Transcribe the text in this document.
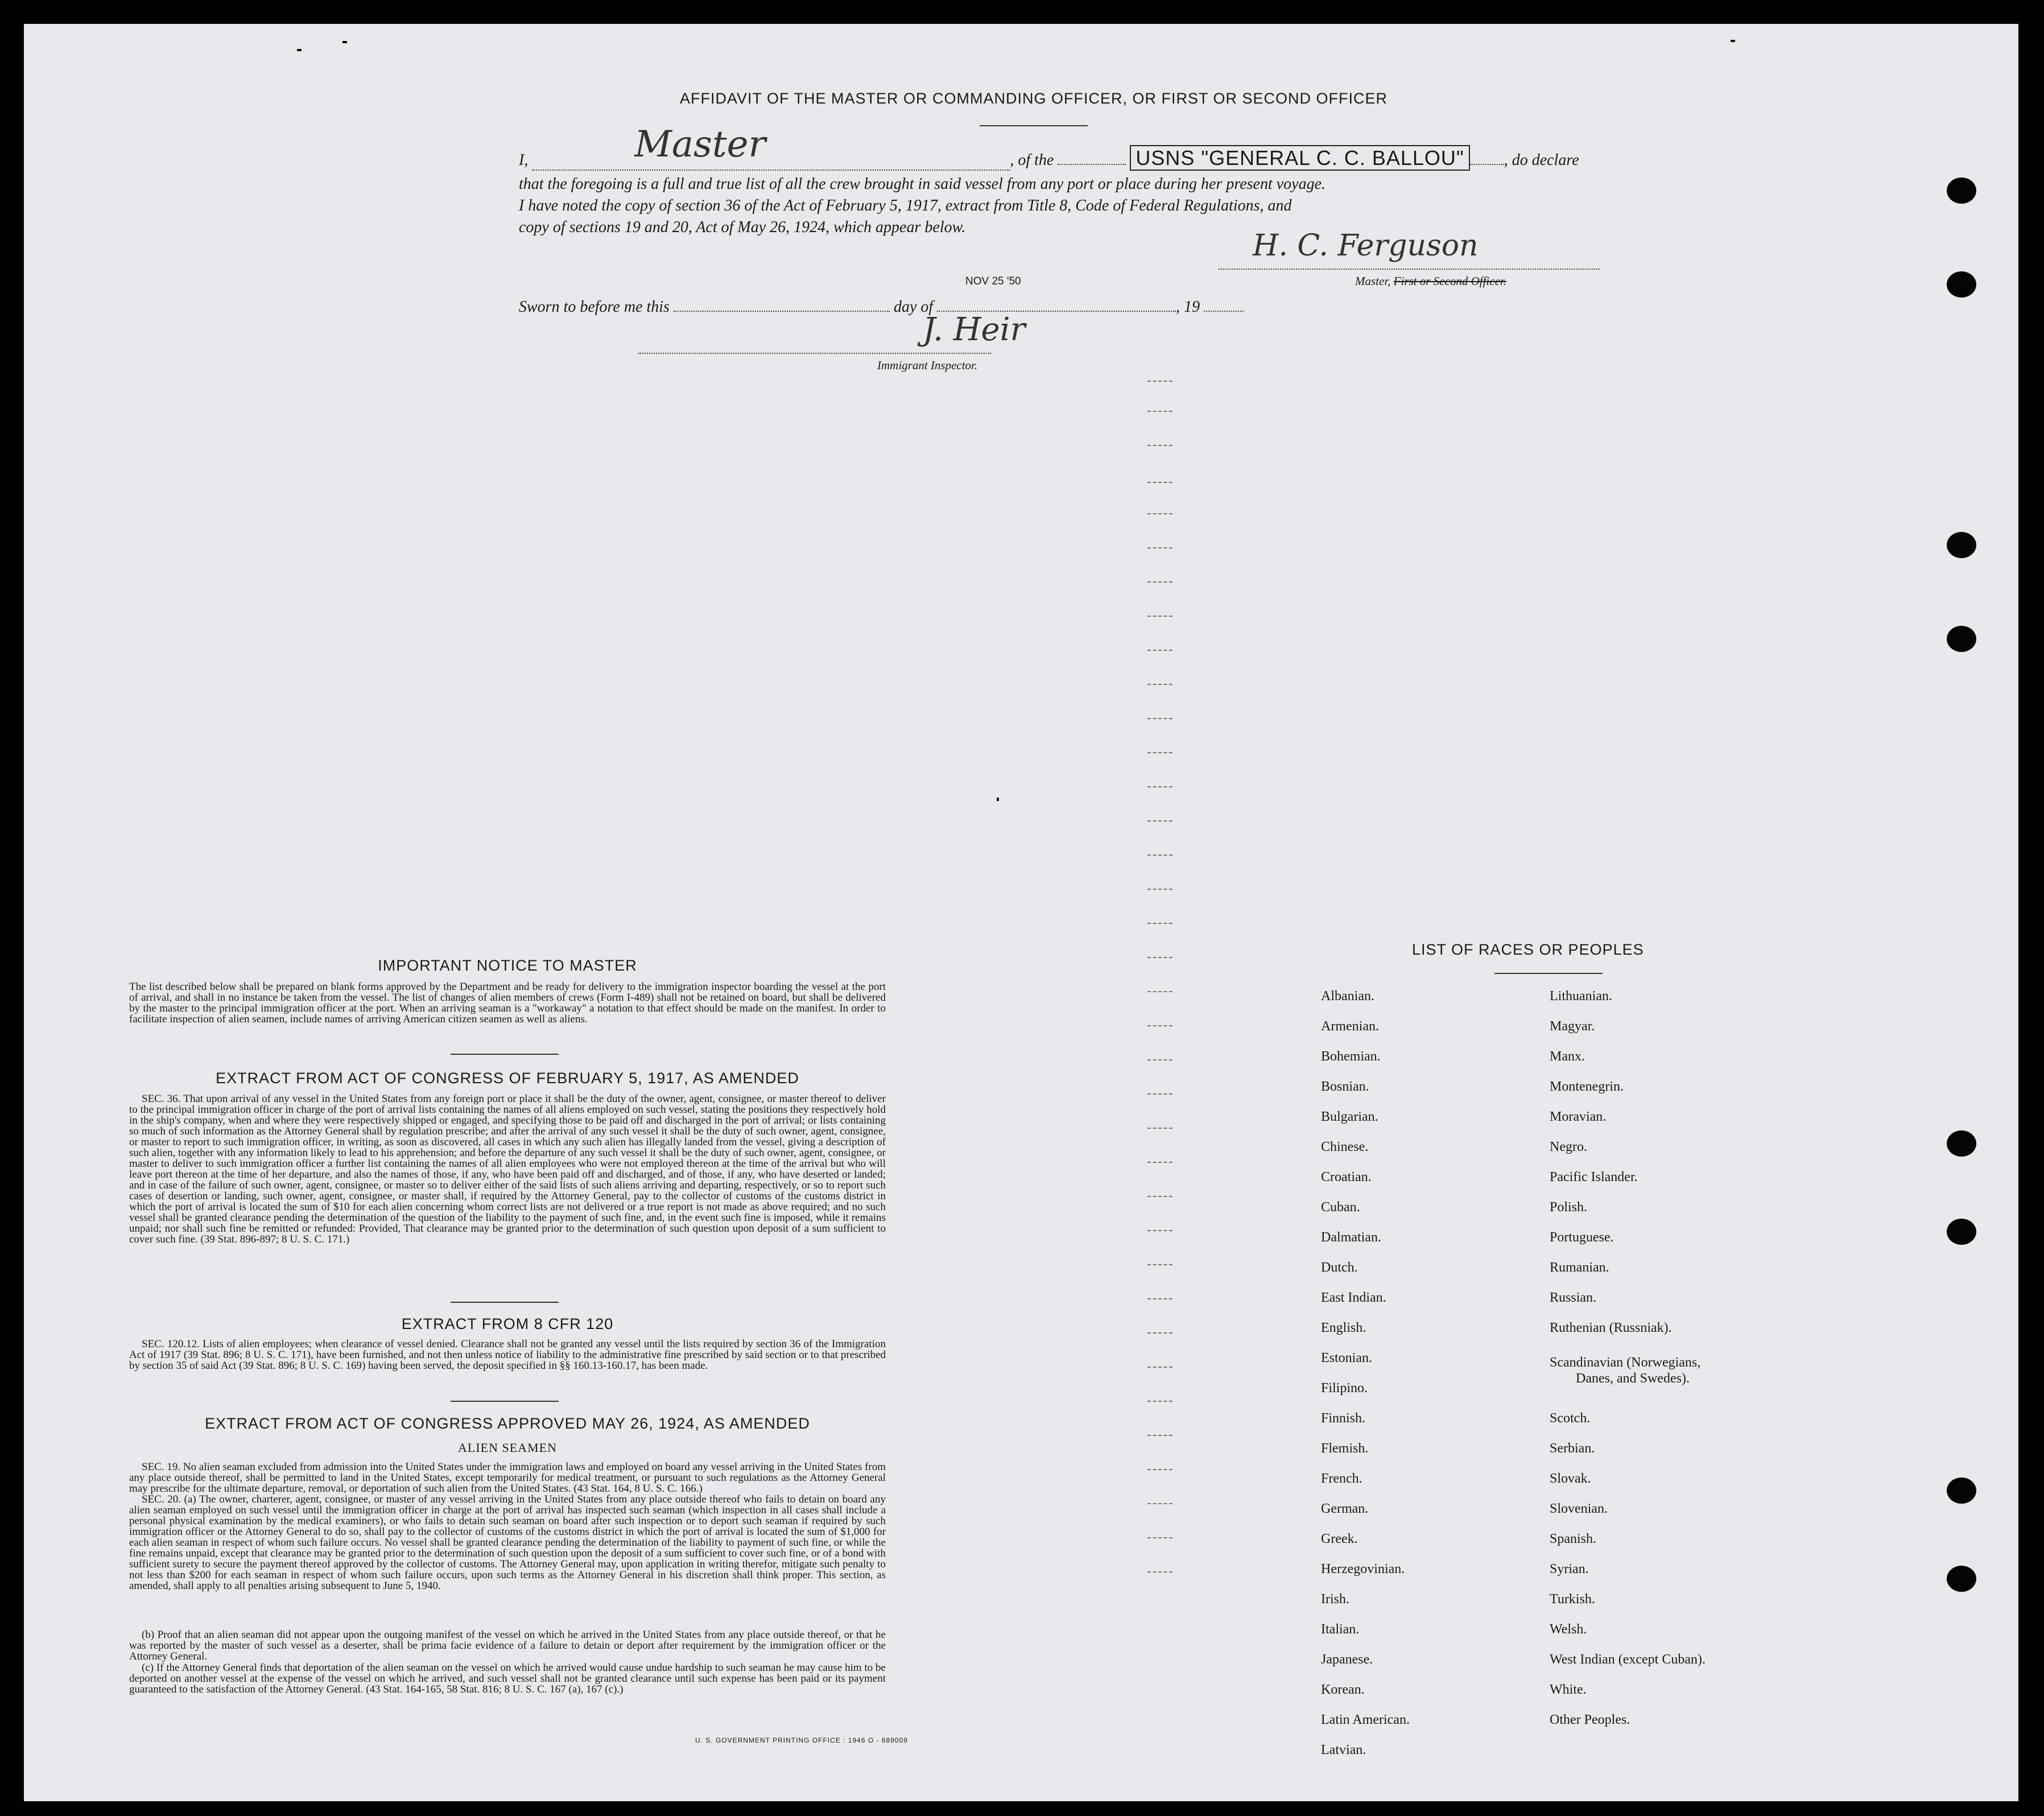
AFFIDAVIT OF THE MASTER OR COMMANDING OFFICER, OR FIRST OR SECOND OFFICER
I,	Master	, of the	USNS "GENERAL C. C. BALLOU"	, do declare
that the foregoing is a full and true list of all the crew brought in said vessel from any port or place during her present voyage.
I have noted the copy of section 36 of the Act of February 5, 1917, extract from Title 8, Code of Federal Regulations, and
copy of sections 19 and 20, Act of May 26, 1924, which appear below.
H. C. Ferguson
Master, First or Second Officer.
NOV 25 '50
Sworn to before me this	day of	, 19
J. Heir
Immigrant Inspector.
IMPORTANT NOTICE TO MASTER
The list described below shall be prepared on blank forms approved by the Department and be ready for delivery to the immigration inspector boarding the vessel at the port of arrival, and shall in no instance be taken from the vessel. The list of changes of alien members of crews (Form I-489) shall not be retained on board, but shall be delivered by the master to the principal immigration officer at the port. When an arriving seaman is a "workaway" a notation to that effect should be made on the manifest. In order to facilitate inspection of alien seamen, include names of arriving American citizen seamen as well as aliens.
EXTRACT FROM ACT OF CONGRESS OF FEBRUARY 5, 1917, AS AMENDED
SEC. 36. That upon arrival of any vessel in the United States from any foreign port or place it shall be the duty of the owner, agent, consignee, or master thereof to deliver to the principal immigration officer in charge of the port of arrival lists containing the names of all aliens employed on such vessel, stating the positions they respectively hold in the ship's company, when and where they were respectively shipped or engaged, and specifying those to be paid off and discharged in the port of arrival; or lists containing so much of such information as the Attorney General shall by regulation prescribe; and after the arrival of any such vessel it shall be the duty of such owner, agent, consignee, or master to report to such immigration officer, in writing, as soon as discovered, all cases in which any such alien has illegally landed from the vessel, giving a description of such alien, together with any information likely to lead to his apprehension; and before the departure of any such vessel it shall be the duty of such owner, agent, consignee, or master to deliver to such immigration officer a further list containing the names of all alien employees who were not employed thereon at the time of the arrival but who will leave port thereon at the time of her departure, and also the names of those, if any, who have been paid off and discharged, and of those, if any, who have deserted or landed; and in case of the failure of such owner, agent, consignee, or master so to deliver either of the said lists of such aliens arriving and departing, respectively, or so to report such cases of desertion or landing, such owner, agent, consignee, or master shall, if required by the Attorney General, pay to the collector of customs of the customs district in which the port of arrival is located the sum of $10 for each alien concerning whom correct lists are not delivered or a true report is not made as above required; and no such vessel shall be granted clearance pending the determination of the question of the liability to the payment of such fine, and, in the event such fine is imposed, while it remains unpaid; nor shall such fine be remitted or refunded: Provided, That clearance may be granted prior to the determination of such question upon deposit of a sum sufficient to cover such fine. (39 Stat. 896-897; 8 U. S. C. 171.)
EXTRACT FROM 8 CFR 120
SEC. 120.12. Lists of alien employees; when clearance of vessel denied. Clearance shall not be granted any vessel until the lists required by section 36 of the Immigration Act of 1917 (39 Stat. 896; 8 U. S. C. 171), have been furnished, and not then unless notice of liability to the administrative fine prescribed by said section or to that prescribed by section 35 of said Act (39 Stat. 896; 8 U. S. C. 169) having been served, the deposit specified in §§ 160.13-160.17, has been made.
EXTRACT FROM ACT OF CONGRESS APPROVED MAY 26, 1924, AS AMENDED
ALIEN SEAMEN
SEC. 19. No alien seaman excluded from admission into the United States under the immigration laws and employed on board any vessel arriving in the United States from any place outside thereof, shall be permitted to land in the United States, except temporarily for medical treatment, or pursuant to such regulations as the Attorney General may prescribe for the ultimate departure, removal, or deportation of such alien from the United States. (43 Stat. 164, 8 U. S. C. 166.)
SEC. 20. (a) The owner, charterer, agent, consignee, or master of any vessel arriving in the United States from any place outside thereof who fails to detain on board any alien seaman employed on such vessel until the immigration officer in charge at the port of arrival has inspected such seaman (which inspection in all cases shall include a personal physical examination by the medical examiners), or who fails to detain such seaman on board after such inspection or to deport such seaman if required by such immigration officer or the Attorney General to do so, shall pay to the collector of customs of the customs district in which the port of arrival is located the sum of $1,000 for each alien seaman in respect of whom such failure occurs. No vessel shall be granted clearance pending the determination of the liability to payment of such fine, or while the fine remains unpaid, except that clearance may be granted prior to the determination of such question upon the deposit of a sum sufficient to cover such fine, or of a bond with sufficient surety to secure the payment thereof approved by the collector of customs. The Attorney General may, upon application in writing therefor, mitigate such penalty to not less than $200 for each seaman in respect of whom such failure occurs, upon such terms as the Attorney General in his discretion shall think proper. This section, as amended, shall apply to all penalties arising subsequent to June 5, 1940.
(b) Proof that an alien seaman did not appear upon the outgoing manifest of the vessel on which he arrived in the United States from any place outside thereof, or that he was reported by the master of such vessel as a deserter, shall be prima facie evidence of a failure to detain or deport after requirement by the immigration officer or the Attorney General.
(c) If the Attorney General finds that deportation of the alien seaman on the vessel on which he arrived would cause undue hardship to such seaman he may cause him to be deported on another vessel at the expense of the vessel on which he arrived, and such vessel shall not be granted clearance until such expense has been paid or its payment guaranteed to the satisfaction of the Attorney General. (43 Stat. 164-165, 58 Stat. 816; 8 U. S. C. 167 (a), 167 (c).)
U. S. GOVERNMENT PRINTING OFFICE : 1946 O - 689009
LIST OF RACES OR PEOPLES
Albanian.
Armenian.
Bohemian.
Bosnian.
Bulgarian.
Chinese.
Croatian.
Cuban.
Dalmatian.
Dutch.
East Indian.
English.
Estonian.
Filipino.
Finnish.
Flemish.
French.
German.
Greek.
Herzegovinian.
Irish.
Italian.
Japanese.
Korean.
Latin American.
Latvian.
Lithuanian.
Magyar.
Manx.
Montenegrin.
Moravian.
Negro.
Pacific Islander.
Polish.
Portuguese.
Rumanian.
Russian.
Ruthenian (Russniak).
Scandinavian (Norwegians,
Danes, and Swedes).
Scotch.
Serbian.
Slovak.
Slovenian.
Spanish.
Syrian.
Turkish.
Welsh.
West Indian (except Cuban).
White.
Other Peoples.
